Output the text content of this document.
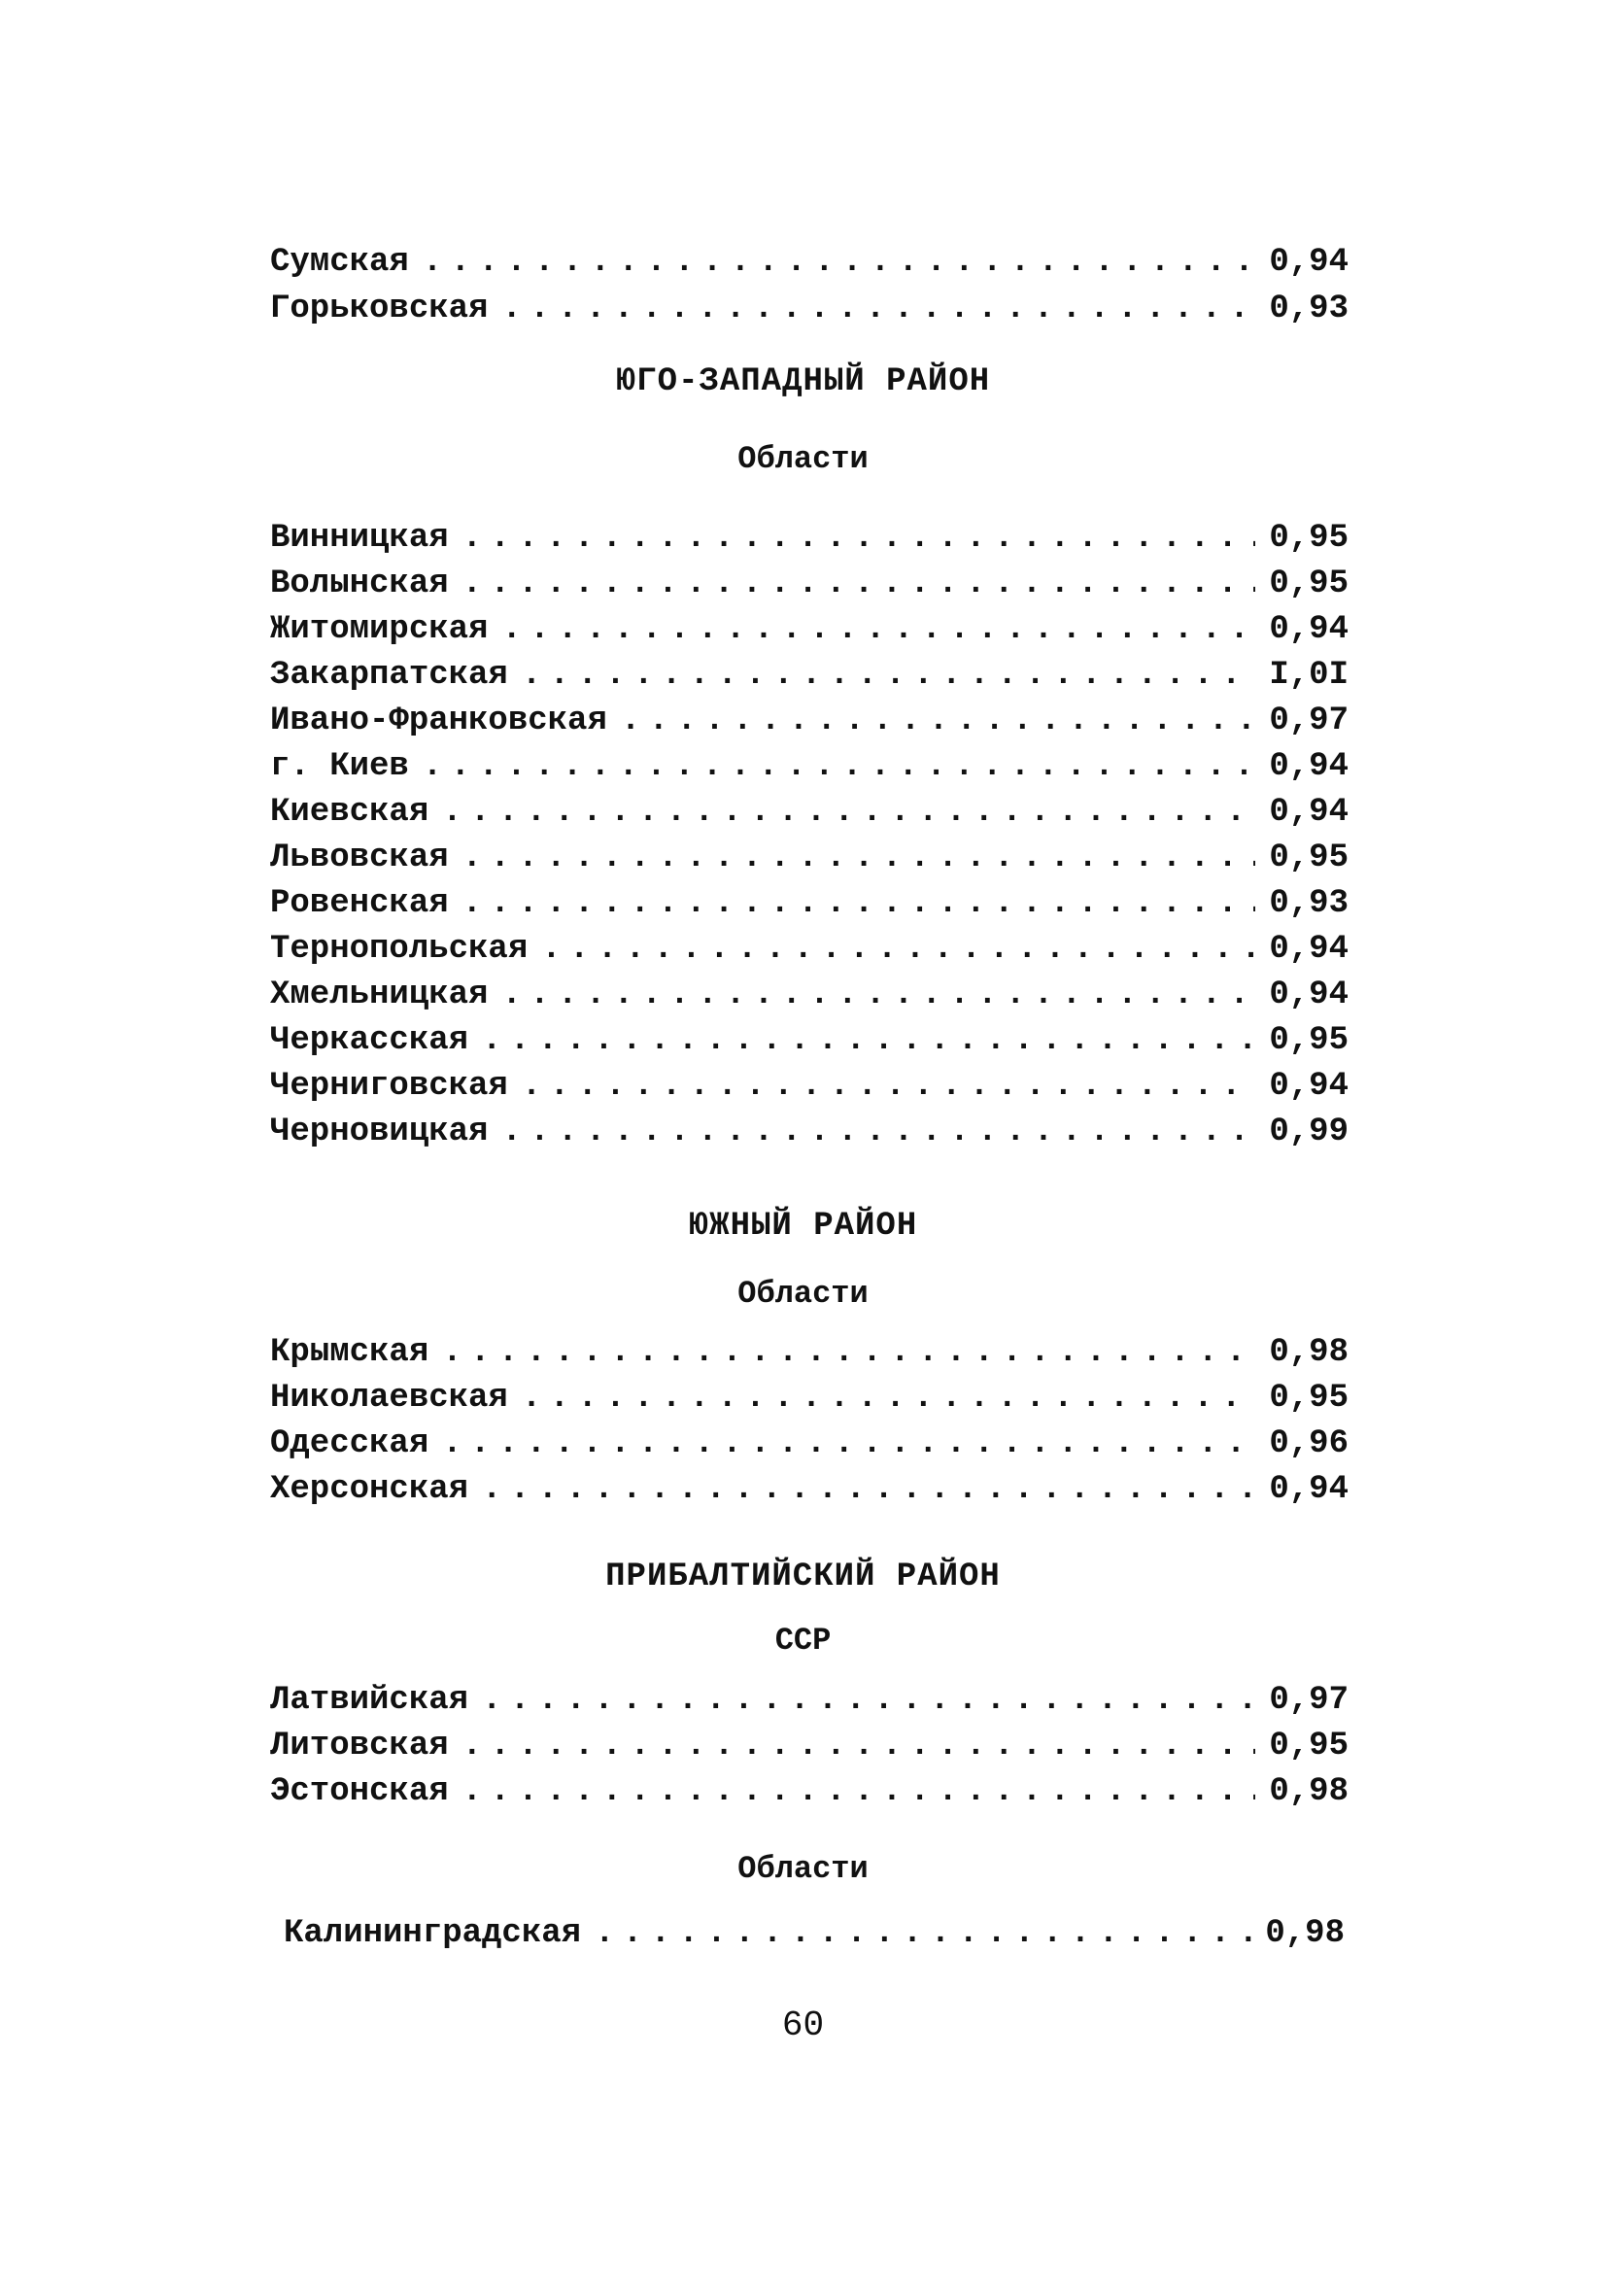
Сумская . . .	0,94
Горьковская . . .	0,93
ЮГО-ЗАПАДНЫЙ РАЙОН
Области
Винницкая . . .	0,95
Волынская . . .	0,95
Житомирская . . .	0,94
Закарпатская . . .	I,0I
Ивано-Франковская . . .	0,97
г. Киев . . .	0,94
Киевская . . .	0,94
Львовская . . .	0,95
Ровенская . . .	0,93
Тернопольская . . .	0,94
Хмельницкая . . .	0,94
Черкасская . . .	0,95
Черниговская . . .	0,94
Черновицкая . . .	0,99
ЮЖНЫЙ РАЙОН
Области
Крымская . . .	0,98
Николаевская . . .	0,95
Одесская . . .	0,96
Херсонская . . .	0,94
ПРИБАЛТИЙСКИЙ РАЙОН
ССР
Латвийская . . .	0,97
Литовская . . .	0,95
Эстонская . . .	0,98
Области
Калининградская . . .	0,98
60
